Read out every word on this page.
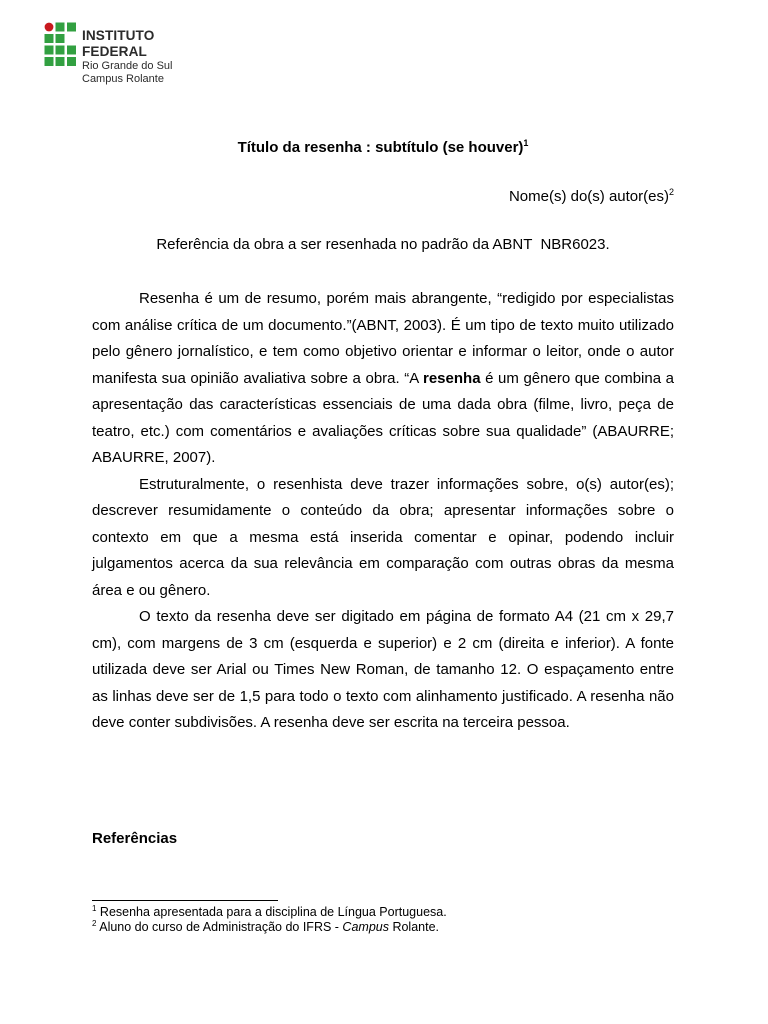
INSTITUTO FEDERAL
Rio Grande do Sul
Campus Rolante
Título da resenha : subtítulo (se houver)$^1$
Nome(s) do(s) autor(es)$^2$
Referência da obra a ser resenhada no padrão da ABNT  NBR6023.

Resenha é um de resumo, porém mais abrangente, “redigido por especialistas com análise crítica de um documento.”(ABNT, 2003). É um tipo de texto muito utilizado pelo gênero jornalístico, e tem como objetivo orientar e informar o leitor, onde o autor manifesta sua opinião avaliativa sobre a obra. “A resenha é um gênero que combina a apresentação das características essenciais de uma dada obra (filme, livro, peça de teatro, etc.) com comentários e avaliações críticas sobre sua qualidade” (ABAURRE; ABAURRE, 2007).

Estruturalmente, o resenhista deve trazer informações sobre, o(s) autor(es); descrever resumidamente o conteúdo da obra; apresentar informações sobre o contexto em que a mesma está inserida comentar e opinar, podendo incluir julgamentos acerca da sua relevância em comparação com outras obras da mesma área e ou gênero.

O texto da resenha deve ser digitado em página de formato A4 (21 cm x 29,7 cm), com margens de 3 cm (esquerda e superior) e 2 cm (direita e inferior). A fonte utilizada deve ser Arial ou Times New Roman, de tamanho 12. O espaçamento entre as linhas deve ser de 1,5 para todo o texto com alinhamento justificado. A resenha não deve conter subdivisões. A resenha deve ser escrita na terceira pessoa.

Referências
$^1$ Resenha apresentada para a disciplina de Língua Portuguesa.
$^2$ Aluno do curso de Administração do IFRS - Campus Rolante.
